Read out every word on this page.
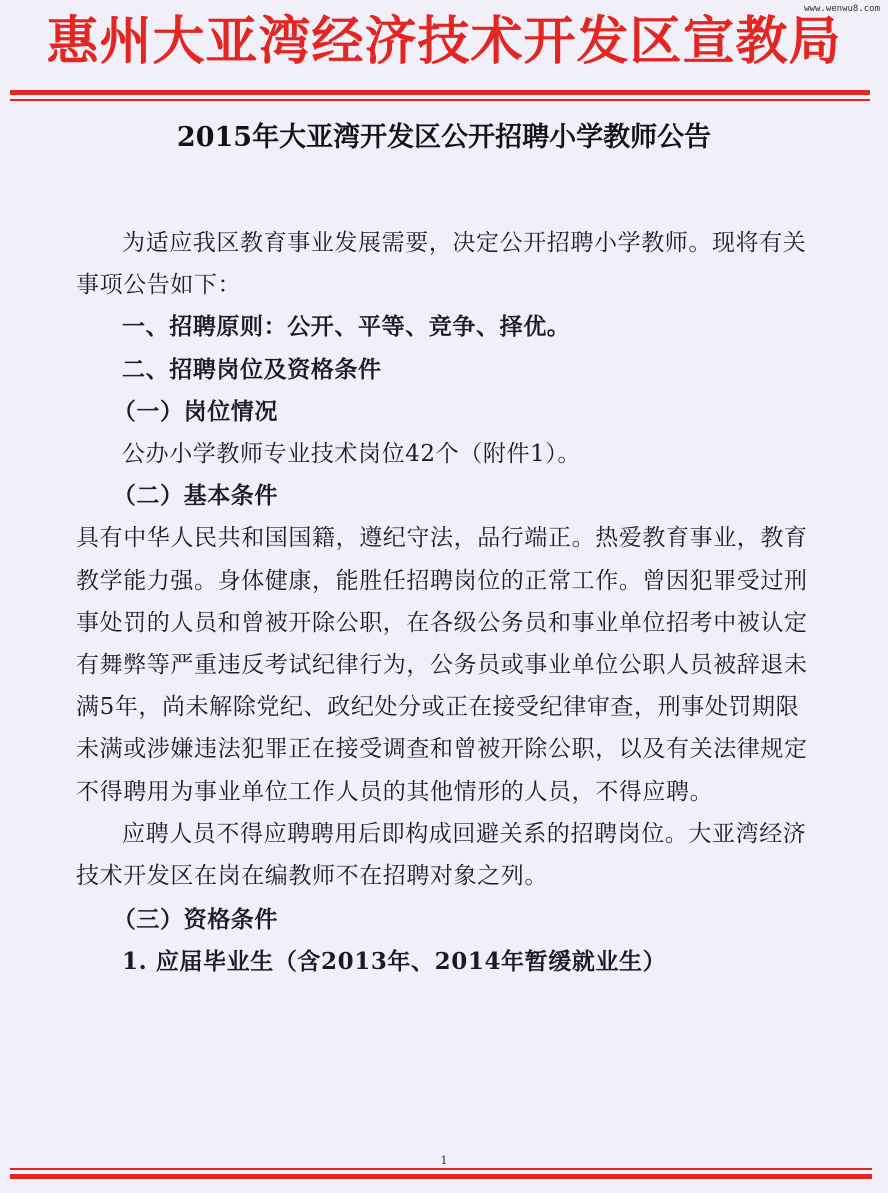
www.wenwu8.com
惠州大亚湾经济技术开发区宣教局
2015年大亚湾开发区公开招聘小学教师公告

为适应我区教育事业发展需要，决定公开招聘小学教师。现将有关事项公告如下：

一、招聘原则：公开、平等、竞争、择优。

二、招聘岗位及资格条件

（一）岗位情况

公办小学教师专业技术岗位42个（附件1）。

（二）基本条件

具有中华人民共和国国籍，遵纪守法，品行端正。热爱教育事业，教育教学能力强。身体健康，能胜任招聘岗位的正常工作。曾因犯罪受过刑事处罚的人员和曾被开除公职，在各级公务员和事业单位招考中被认定有舞弊等严重违反考试纪律行为，公务员或事业单位公职人员被辞退未满5年，尚未解除党纪、政纪处分或正在接受纪律审查，刑事处罚期限未满或涉嫌违法犯罪正在接受调查和曾被开除公职，以及有关法律规定不得聘用为事业单位工作人员的其他情形的人员，不得应聘。

应聘人员不得应聘聘用后即构成回避关系的招聘岗位。大亚湾经济技术开发区在岗在编教师不在招聘对象之列。

（三）资格条件

1. 应届毕业生（含2013年、2014年暂缓就业生）

1
